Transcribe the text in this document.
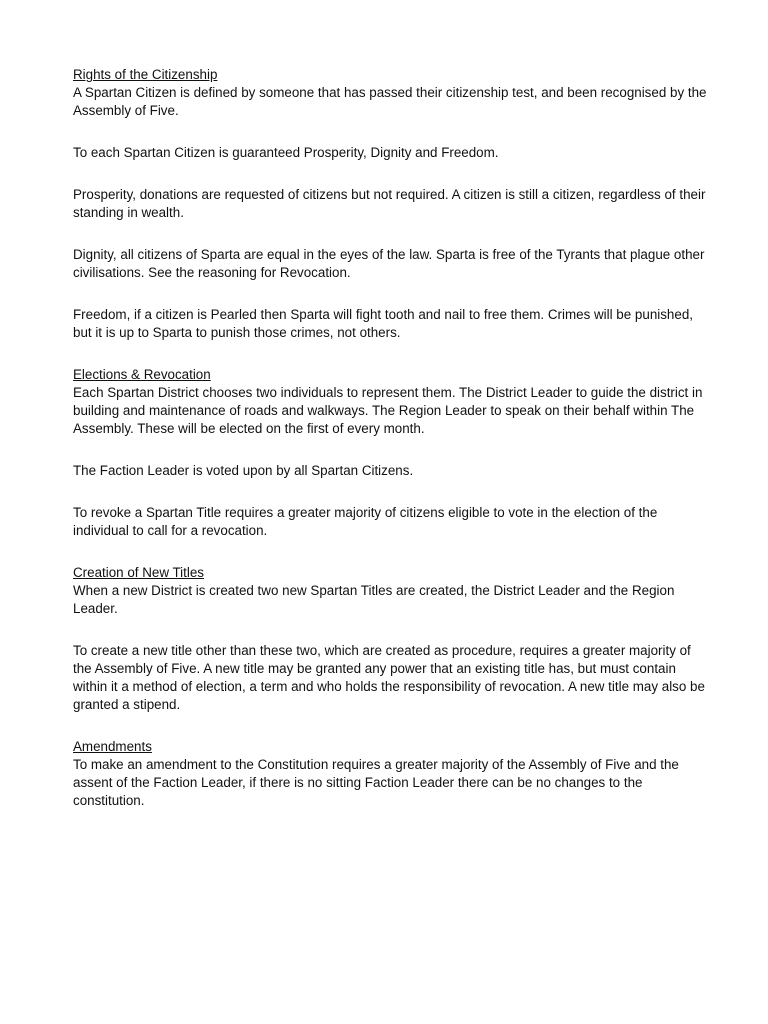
Rights of the Citizenship

A Spartan Citizen is defined by someone that has passed their citizenship test, and been recognised by the Assembly of Five.

To each Spartan Citizen is guaranteed Prosperity, Dignity and Freedom.

Prosperity, donations are requested of citizens but not required. A citizen is still a citizen, regardless of their standing in wealth.

Dignity, all citizens of Sparta are equal in the eyes of the law. Sparta is free of the Tyrants that plague other civilisations. See the reasoning for Revocation.

Freedom, if a citizen is Pearled then Sparta will fight tooth and nail to free them. Crimes will be punished, but it is up to Sparta to punish those crimes, not others.

Elections & Revocation

Each Spartan District chooses two individuals to represent them. The District Leader to guide the district in building and maintenance of roads and walkways. The Region Leader to speak on their behalf within The Assembly. These will be elected on the first of every month.

The Faction Leader is voted upon by all Spartan Citizens.

To revoke a Spartan Title requires a greater majority of citizens eligible to vote in the election of the individual to call for a revocation.

Creation of New Titles

When a new District is created two new Spartan Titles are created, the District Leader and the Region Leader.

To create a new title other than these two, which are created as procedure, requires a greater majority of the Assembly of Five. A new title may be granted any power that an existing title has, but must contain within it a method of election, a term and who holds the responsibility of revocation. A new title may also be granted a stipend.

Amendments

To make an amendment to the Constitution requires a greater majority of the Assembly of Five and the assent of the Faction Leader, if there is no sitting Faction Leader there can be no changes to the constitution.
